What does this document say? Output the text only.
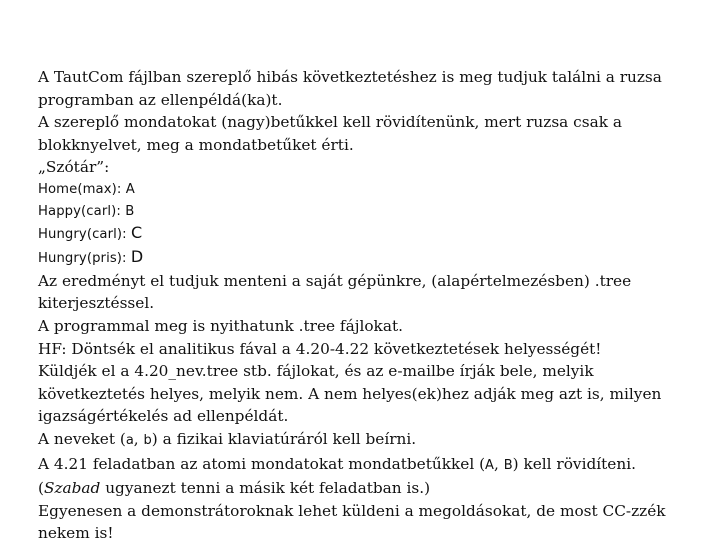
A TautCom fájlban szereplő hibás következtetéshez is meg tudjuk találni a ruzsa programban az ellenpéldá(ka)t.

A szereplő mondatokat (nagy)betűkkel kell rövidítenünk, mert ruzsa csak a blokknyelvet, meg a mondatbetűket érti.

„Szótár”:

Home(max): A
Happy(carl): B
Hungry(carl): C
Hungry(pris): D

Az eredményt el tudjuk menteni a saját gépünkre, (alapértelmezésben) .tree kiterjesztéssel.

A programmal meg is nyithatunk .tree fájlokat.

HF: Döntsék el analitikus fával a 4.20-4.22 következtetések helyességét!

Küldjék el a 4.20_nev.tree stb. fájlokat, és az e-mailbe írják bele, melyik következtetés helyes, melyik nem. A nem helyes(ek)hez adják meg azt is, milyen igazságértékelés ad ellenpéldát.

A neveket (a, b) a fizikai klaviatúráról kell beírni.

A 4.21 feladatban az atomi mondatokat mondatbetűkkel (A, B) kell rövidíteni.

(Szabad ugyanezt tenni a másik két feladatban is.)

Egyenesen a demonstrátoroknak lehet küldeni a megoldásokat, de most CC-zzék nekem is!
